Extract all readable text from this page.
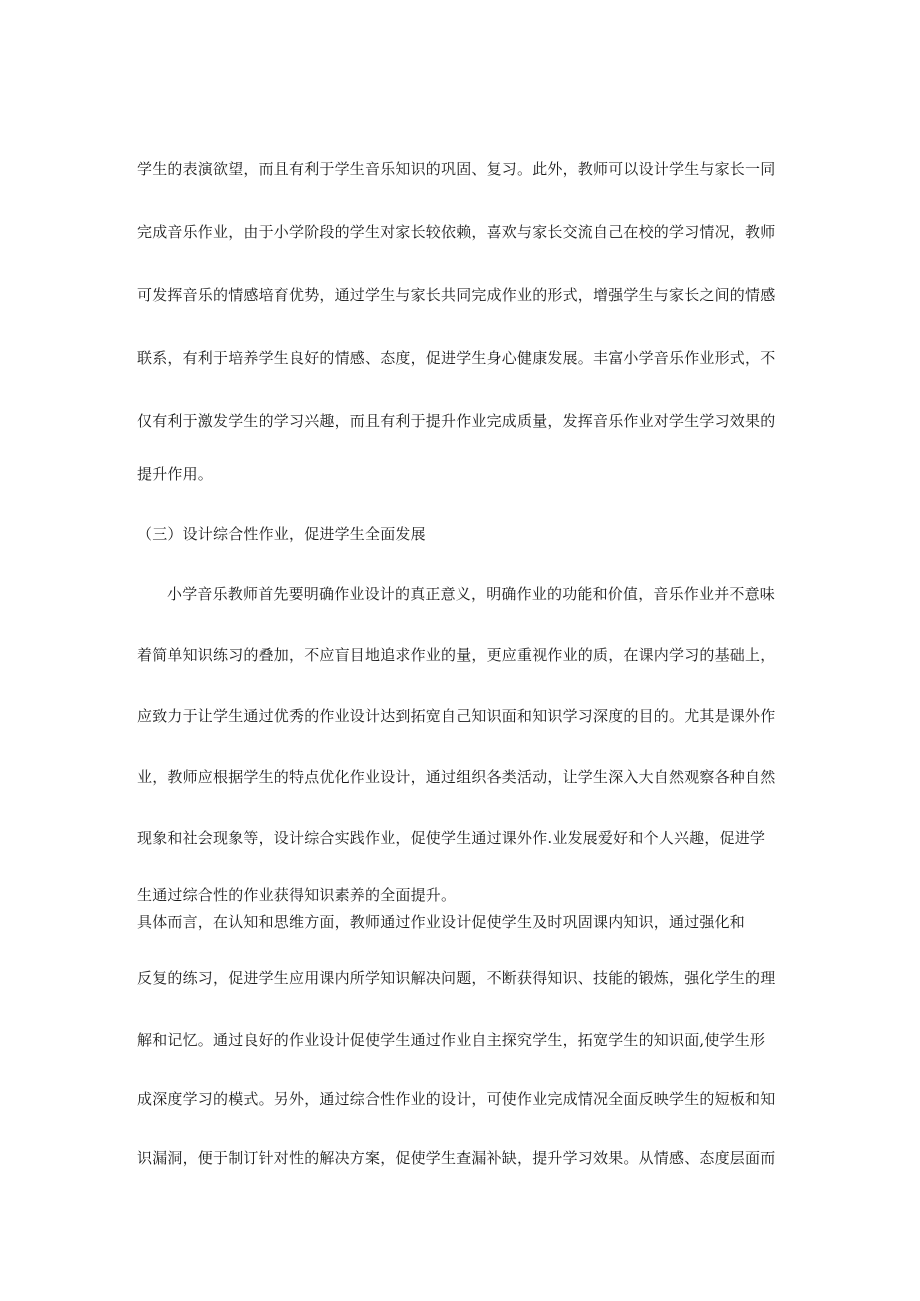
学生的表演欲望，而且有利于学生音乐知识的巩固、复习。此外，教师可以设计学生与家长一同
完成音乐作业，由于小学阶段的学生对家长较依赖，喜欢与家长交流自己在校的学习情况，教师
可发挥音乐的情感培育优势，通过学生与家长共同完成作业的形式，增强学生与家长之间的情感
联系，有利于培养学生良好的情感、态度，促进学生身心健康发展。丰富小学音乐作业形式，不
仅有利于激发学生的学习兴趣，而且有利于提升作业完成质量，发挥音乐作业对学生学习效果的
提升作用。
（三）设计综合性作业，促进学生全面发展
小学音乐教师首先要明确作业设计的真正意义，明确作业的功能和价值，音乐作业并不意味
着简单知识练习的叠加，不应盲目地追求作业的量，更应重视作业的质，在课内学习的基础上，
应致力于让学生通过优秀的作业设计达到拓宽自己知识面和知识学习深度的目的。尤其是课外作
业，教师应根据学生的特点优化作业设计，通过组织各类活动，让学生深入大自然观察各种自然
现象和社会现象等，设计综合实践作业，促使学生通过课外作.业发展爱好和个人兴趣，促进学
生通过综合性的作业获得知识素养的全面提升。
具体而言，在认知和思维方面，教师通过作业设计促使学生及时巩固课内知识，通过强化和
反复的练习，促进学生应用课内所学知识解决问题，不断获得知识、技能的锻炼，强化学生的理
解和记忆。通过良好的作业设计促使学生通过作业自主探究学生，拓宽学生的知识面,使学生形
成深度学习的模式。另外，通过综合性作业的设计，可使作业完成情况全面反映学生的短板和知
识漏洞，便于制订针对性的解决方案，促使学生查漏补缺，提升学习效果。从情感、态度层面而
